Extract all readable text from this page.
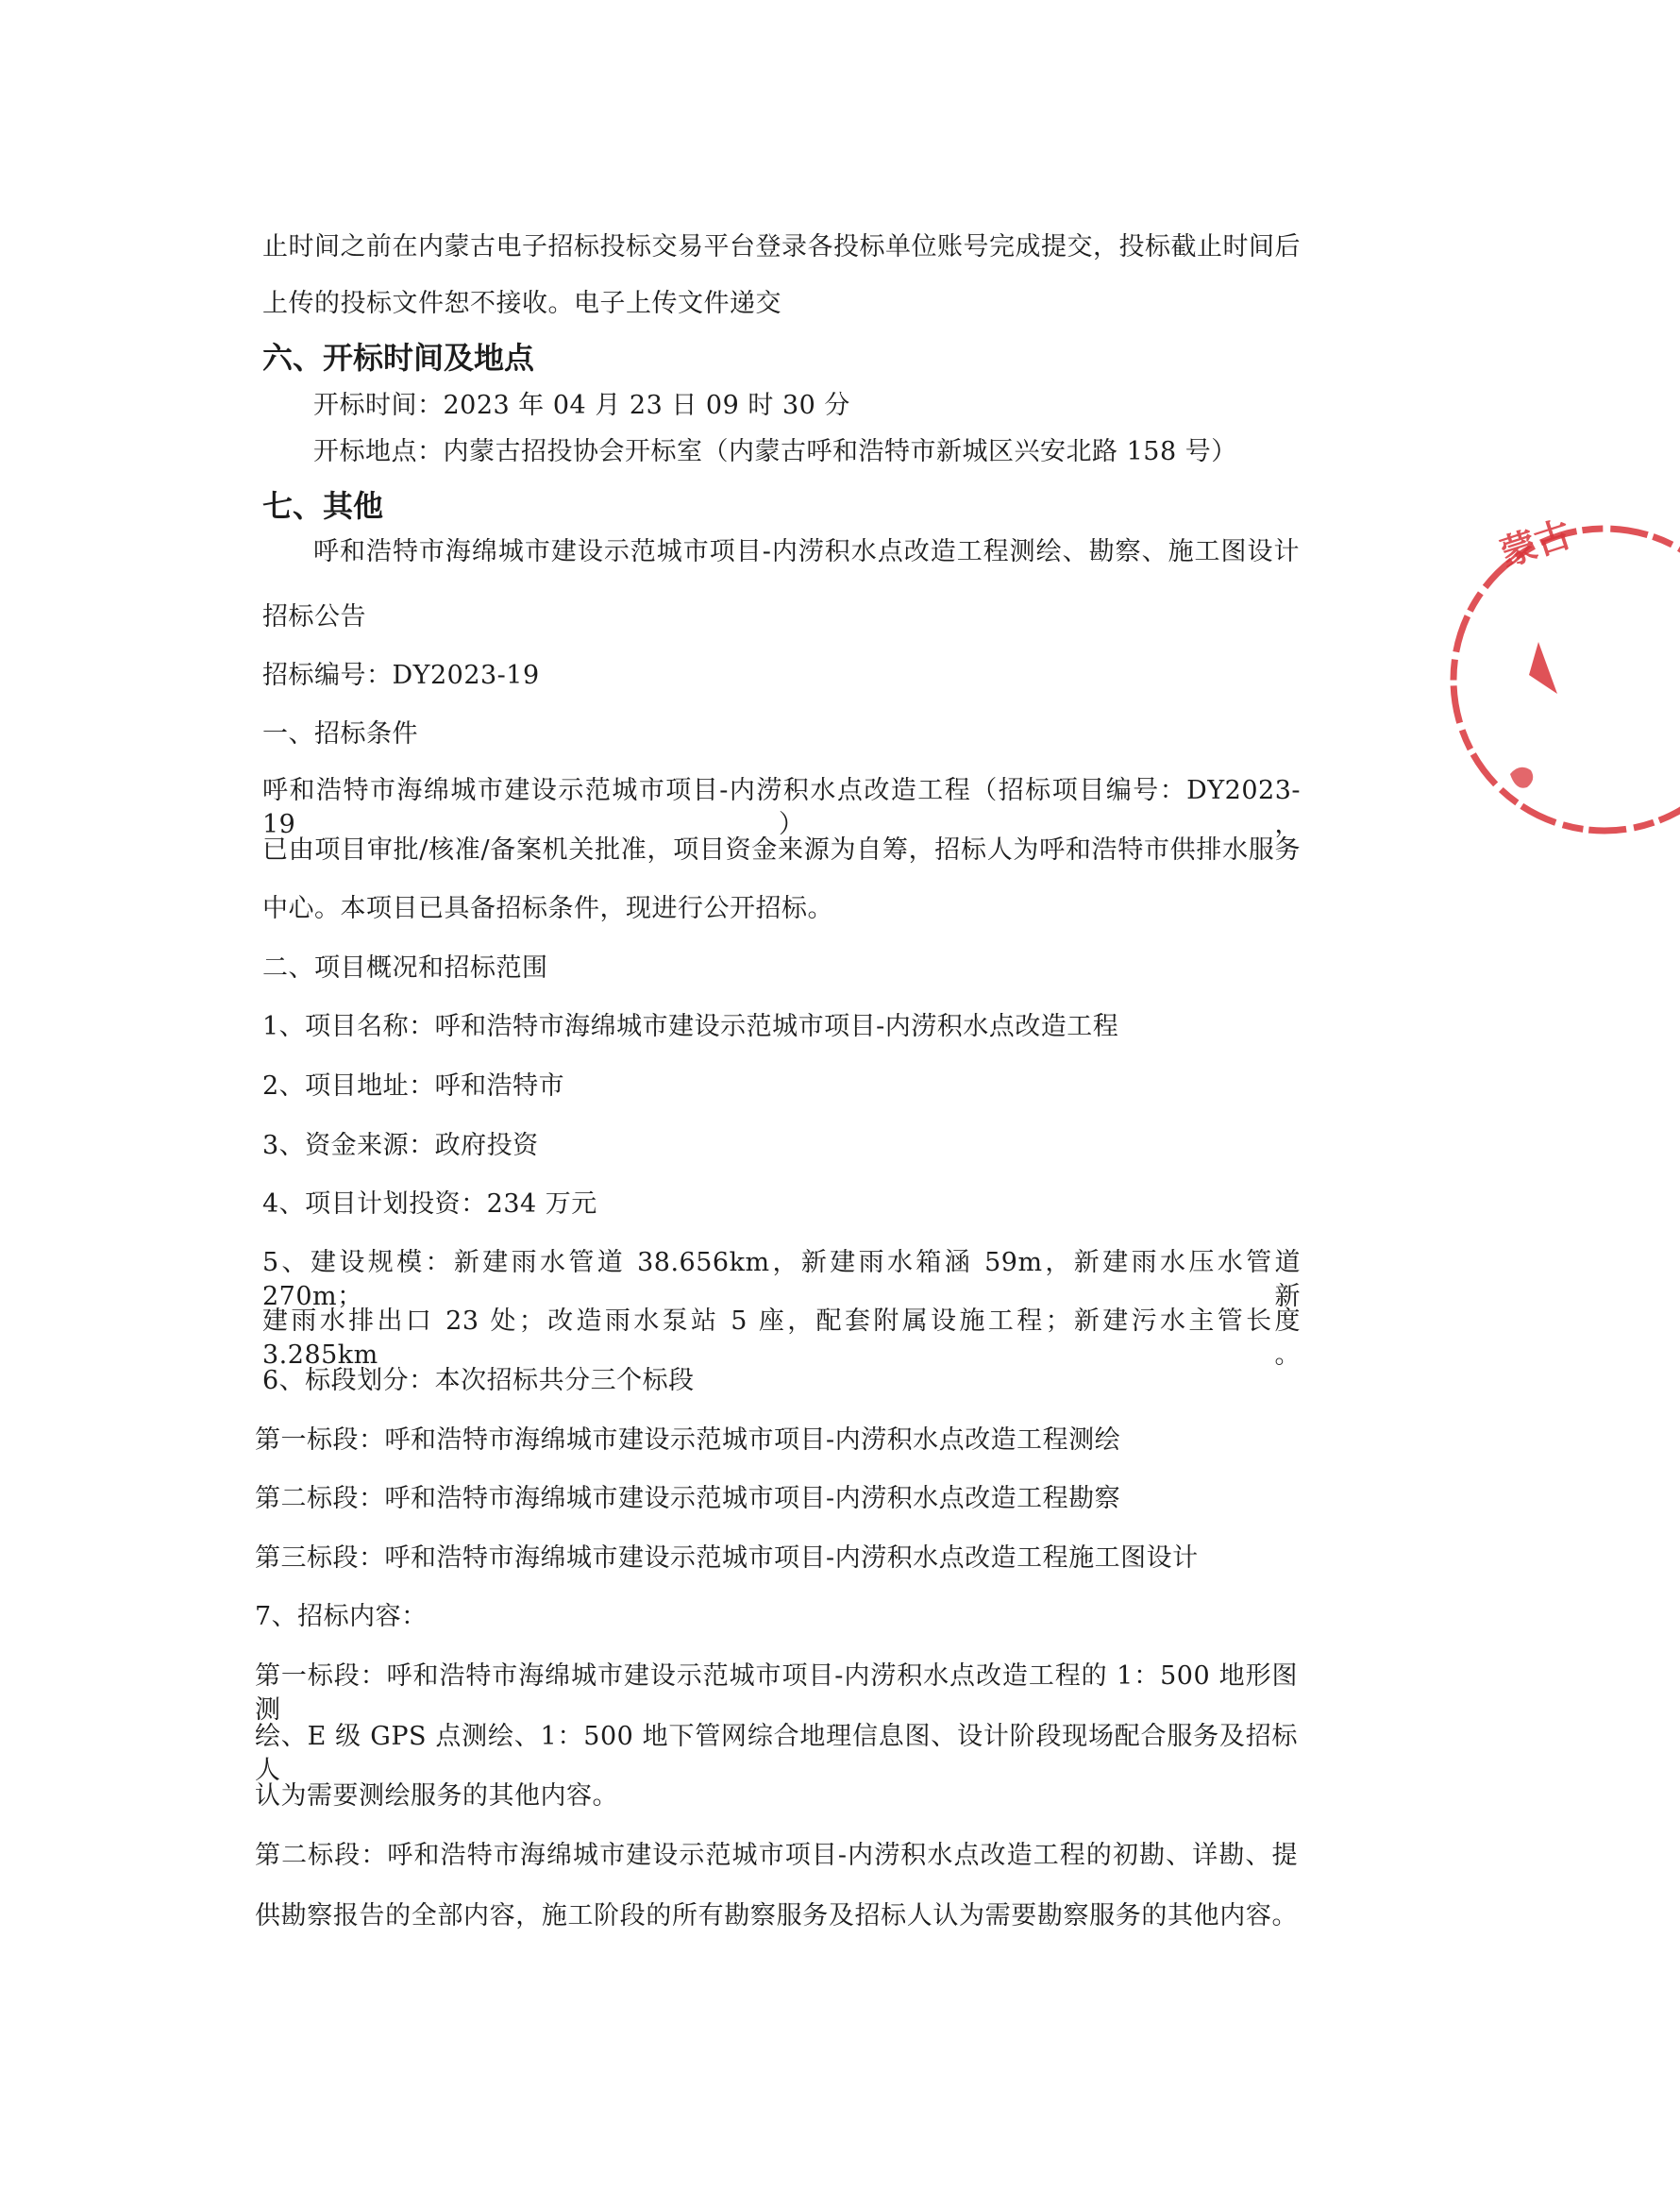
止时间之前在内蒙古电子招标投标交易平台登录各投标单位账号完成提交，投标截止时间后
上传的投标文件恕不接收。电子上传文件递交
六、开标时间及地点
开标时间：2023 年 04 月 23 日 09 时 30 分
开标地点：内蒙古招投协会开标室（内蒙古呼和浩特市新城区兴安北路 158 号）
七、其他
呼和浩特市海绵城市建设示范城市项目-内涝积水点改造工程测绘、勘察、施工图设计
招标公告
招标编号：DY2023-19
一、招标条件
呼和浩特市海绵城市建设示范城市项目-内涝积水点改造工程（招标项目编号：DY2023-19），
已由项目审批/核准/备案机关批准，项目资金来源为自筹，招标人为呼和浩特市供排水服务
中心。本项目已具备招标条件，现进行公开招标。
二、项目概况和招标范围
1、项目名称：呼和浩特市海绵城市建设示范城市项目-内涝积水点改造工程
2、项目地址：呼和浩特市
3、资金来源：政府投资
4、项目计划投资：234 万元
5、建设规模：新建雨水管道 38.656km，新建雨水箱涵 59m，新建雨水压水管道 270m；新
建雨水排出口 23 处；改造雨水泵站 5 座，配套附属设施工程；新建污水主管长度 3.285km。
6、标段划分：本次招标共分三个标段
第一标段：呼和浩特市海绵城市建设示范城市项目-内涝积水点改造工程测绘
第二标段：呼和浩特市海绵城市建设示范城市项目-内涝积水点改造工程勘察
第三标段：呼和浩特市海绵城市建设示范城市项目-内涝积水点改造工程施工图设计
7、招标内容：
第一标段：呼和浩特市海绵城市建设示范城市项目-内涝积水点改造工程的 1：500 地形图测
绘、E 级 GPS 点测绘、1：500 地下管网综合地理信息图、设计阶段现场配合服务及招标人
认为需要测绘服务的其他内容。
第二标段：呼和浩特市海绵城市建设示范城市项目-内涝积水点改造工程的初勘、详勘、提
供勘察报告的全部内容，施工阶段的所有勘察服务及招标人认为需要勘察服务的其他内容。
蒙古
